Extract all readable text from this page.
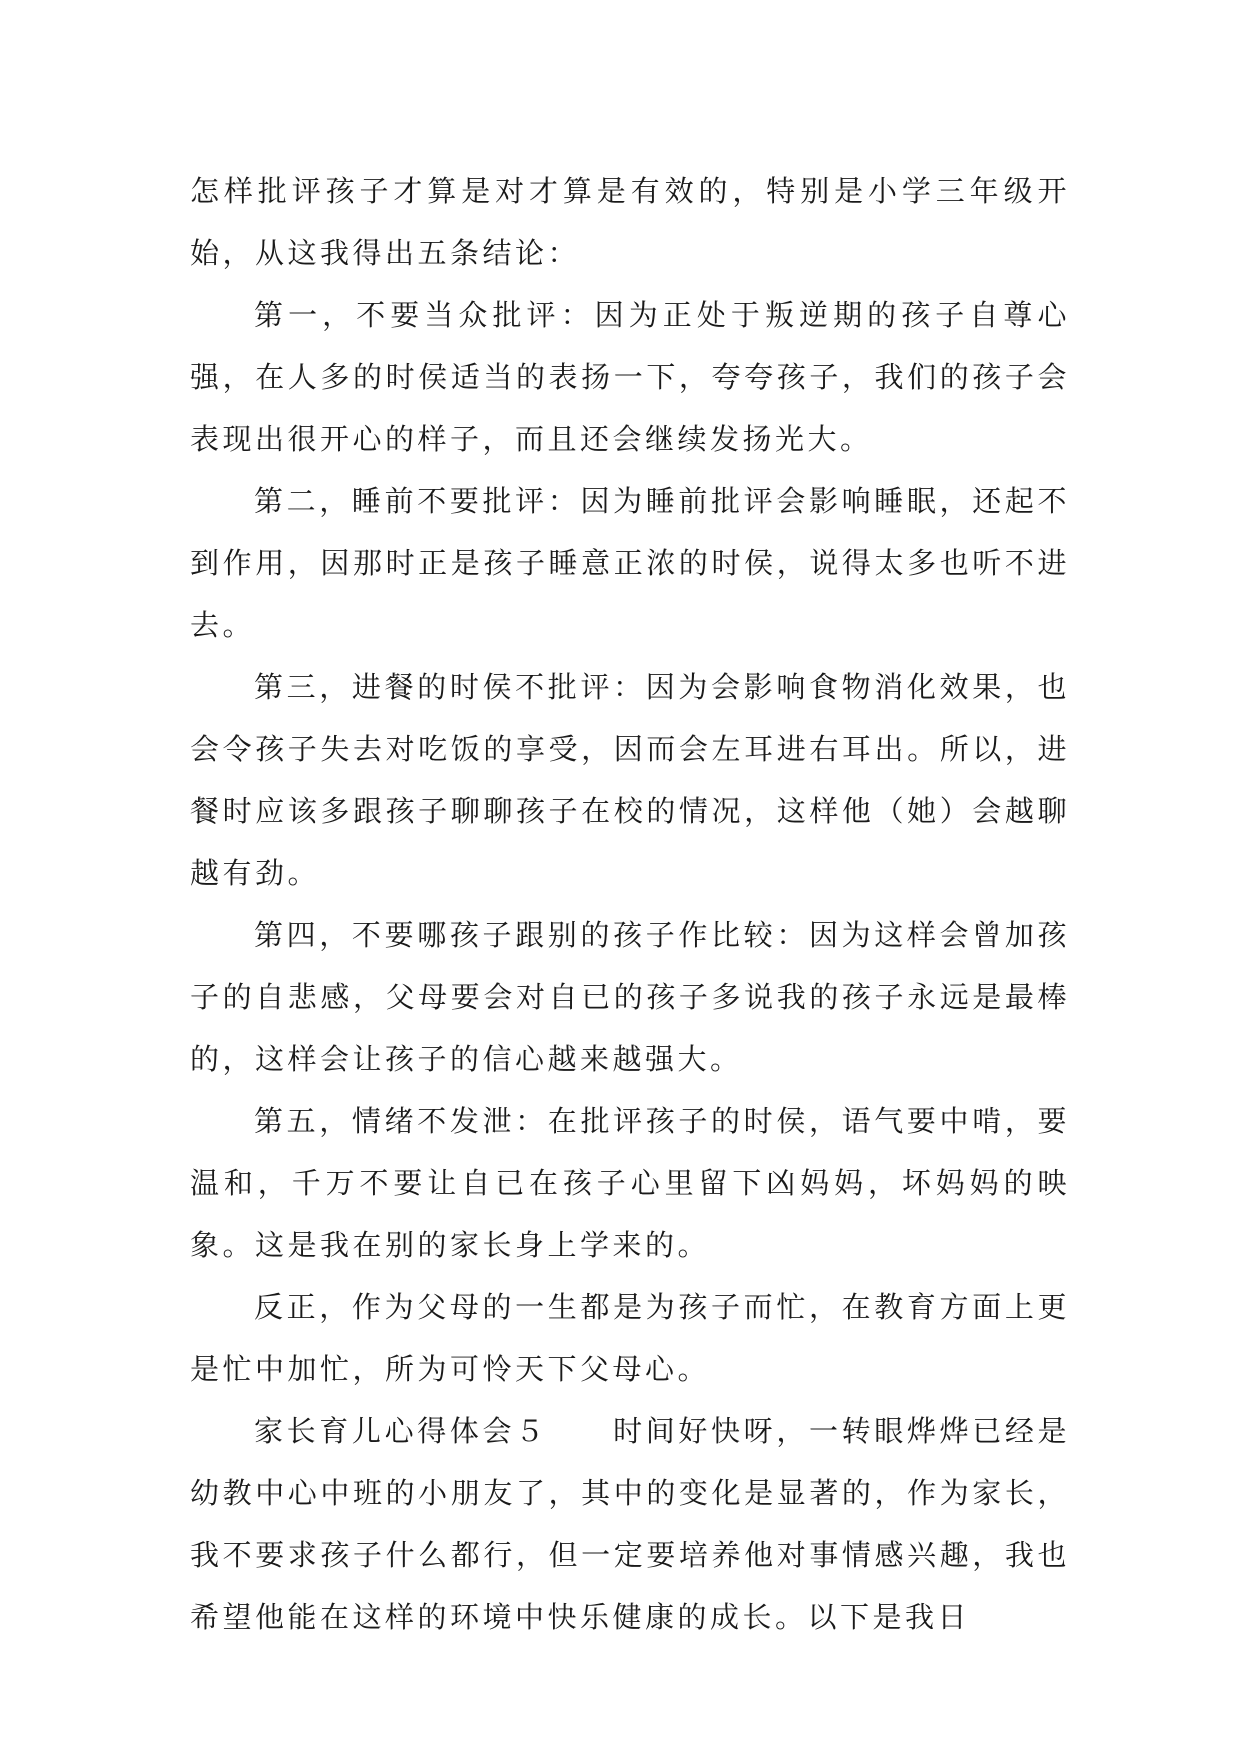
怎样批评孩子才算是对才算是有效的，特别是小学三年级开始，从这我得出五条结论：

第一，不要当众批评：因为正处于叛逆期的孩子自尊心强，在人多的时侯适当的表扬一下，夸夸孩子，我们的孩子会表现出很开心的样子，而且还会继续发扬光大。

第二，睡前不要批评：因为睡前批评会影响睡眠，还起不到作用，因那时正是孩子睡意正浓的时侯，说得太多也听不进去。

第三，进餐的时侯不批评：因为会影响食物消化效果，也会令孩子失去对吃饭的享受，因而会左耳进右耳出。所以，进餐时应该多跟孩子聊聊孩子在校的情况，这样他（她）会越聊越有劲。

第四，不要哪孩子跟别的孩子作比较：因为这样会曾加孩子的自悲感，父母要会对自已的孩子多说我的孩子永远是最棒的，这样会让孩子的信心越来越强大。

第五，情绪不发泄：在批评孩子的时侯，语气要中啃，要温和，千万不要让自已在孩子心里留下凶妈妈，坏妈妈的映象。这是我在别的家长身上学来的。

反正，作为父母的一生都是为孩子而忙，在教育方面上更是忙中加忙，所为可怜天下父母心。

家长育儿心得体会５　　时间好快呀，一转眼烨烨已经是幼教中心中班的小朋友了，其中的变化是显著的，作为家长，我不要求孩子什么都行，但一定要培养他对事情感兴趣，我也希望他能在这样的环境中快乐健康的成长。以下是我日
